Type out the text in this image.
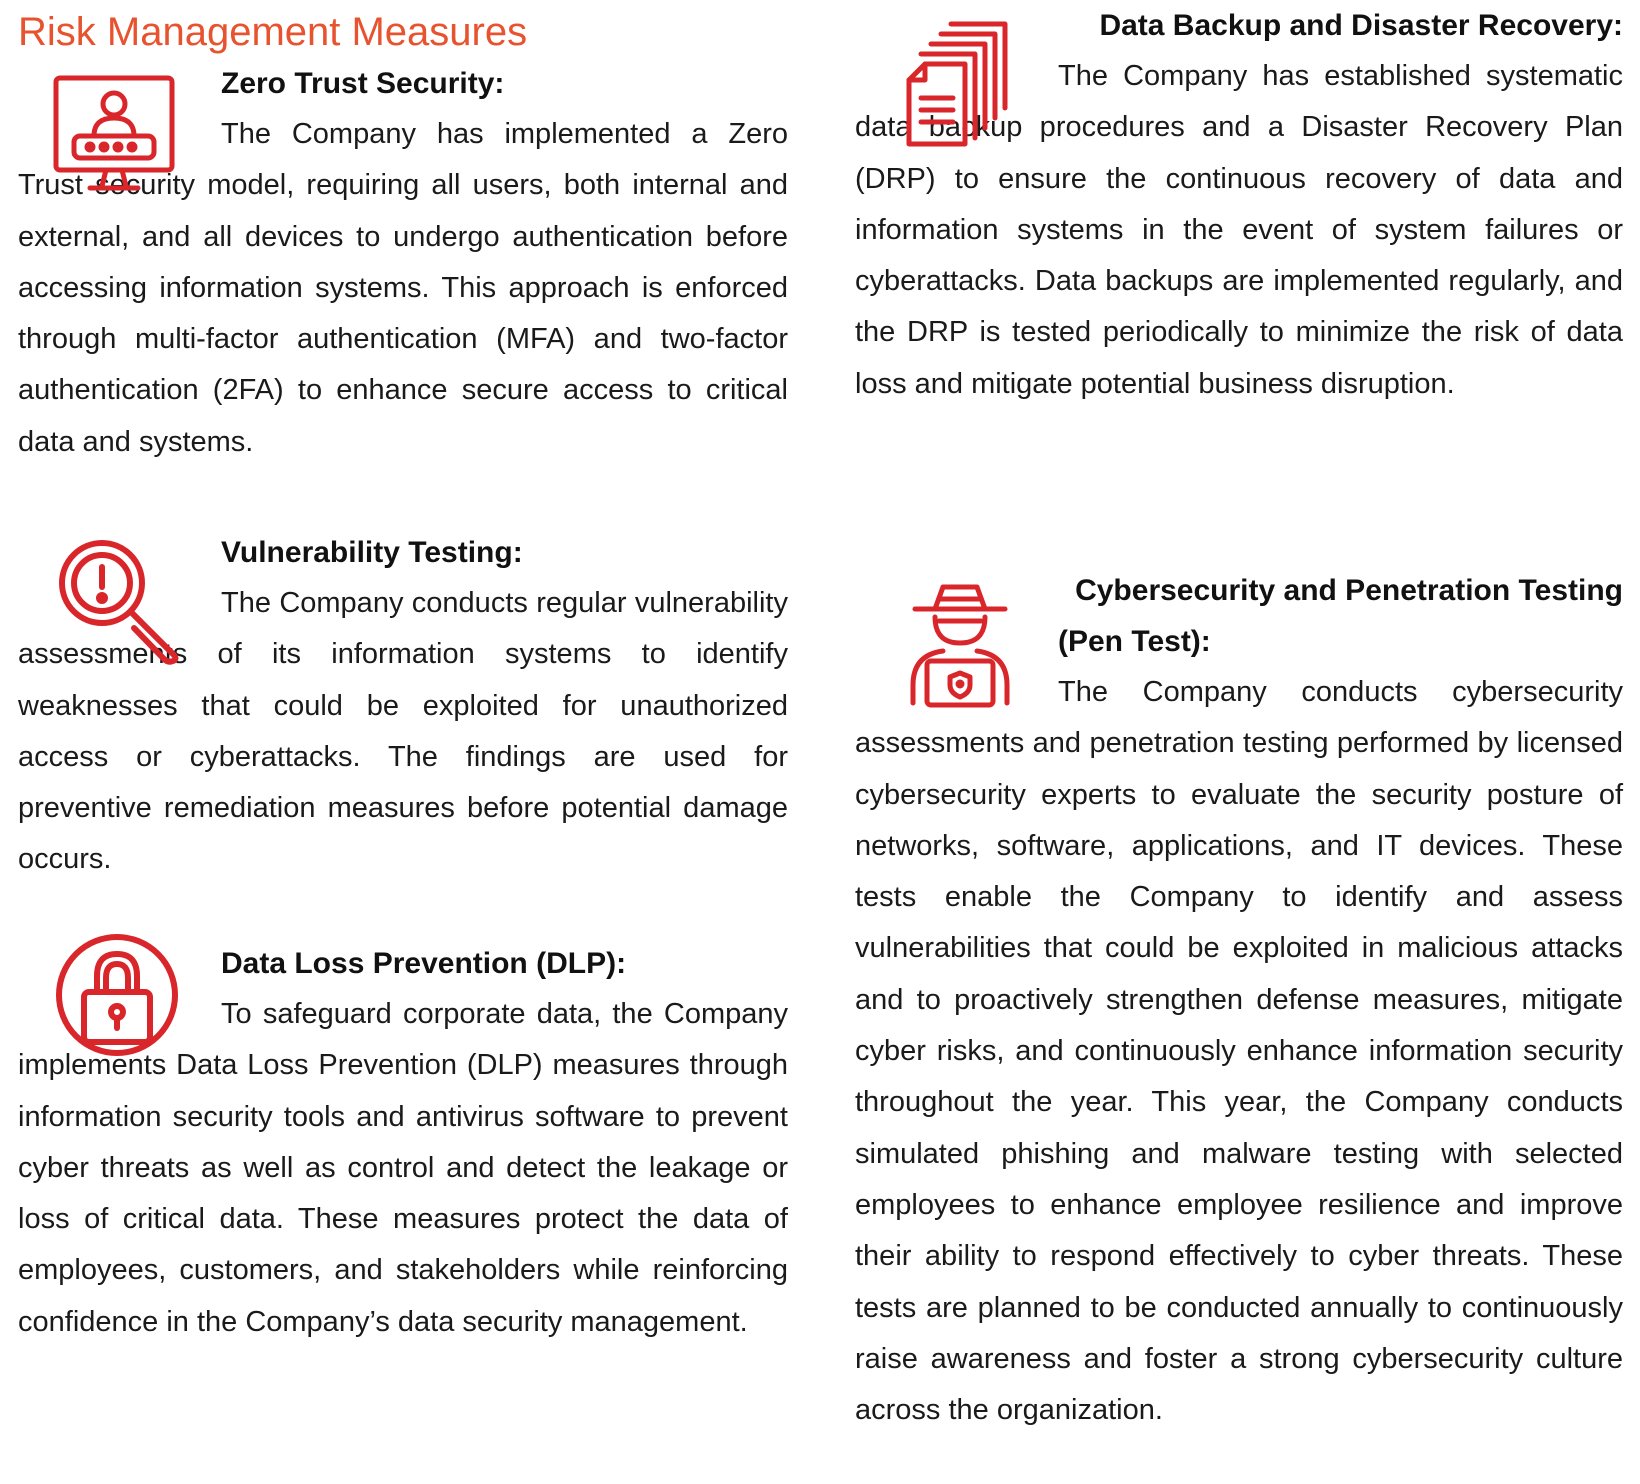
Risk Management Measures

Zero Trust Security:

The Company has implemented a Zero Trust security model, requiring all users, both internal and external, and all devices to undergo authentication before accessing information systems. This approach is enforced through multi-factor authentication (MFA) and two-factor authentication (2FA) to enhance secure access to critical data and systems.

Vulnerability Testing:

The Company conducts regular vulnerability assessments of its information systems to identify weaknesses that could be exploited for unauthorized access or cyberattacks. The findings are used for preventive remediation measures before potential damage occurs.

Data Loss Prevention (DLP):

To safeguard corporate data, the Company implements Data Loss Prevention (DLP) measures through information security tools and antivirus software to prevent cyber threats as well as control and detect the leakage or loss of critical data. These measures protect the data of employees, customers, and stakeholders while reinforcing confidence in the Company’s data security management.

Data Backup and Disaster Recovery:

The Company has established systematic data backup procedures and a Disaster Recovery Plan (DRP) to ensure the continuous recovery of data and information systems in the event of system failures or cyberattacks. Data backups are implemented regularly, and the DRP is tested periodically to minimize the risk of data loss and mitigate potential business disruption.

Cybersecurity and Penetration Testing

(Pen Test):

The Company conducts cybersecurity assessments and penetration testing performed by licensed cybersecurity experts to evaluate the security posture of networks, software, applications, and IT devices. These tests enable the Company to identify and assess vulnerabilities that could be exploited in malicious attacks and to proactively strengthen defense measures, mitigate cyber risks, and continuously enhance information security throughout the year. This year, the Company conducts simulated phishing and malware testing with selected employees to enhance employee resilience and improve their ability to respond effectively to cyber threats. These tests are planned to be conducted annually to continuously raise awareness and foster a strong cybersecurity culture across the organization.
